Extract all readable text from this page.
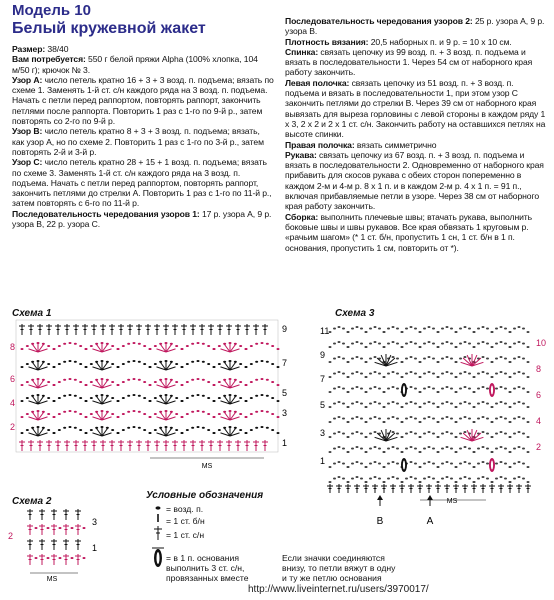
Модель 10
Белый кружевной жакет

Размер: 38/40

Вам потребуется: 550 г белой пряжи Alpha (100% хлопка, 104 м/50 г); крючок № 3.

Узор А: число петель кратно 16 + 3 + 3 возд. п. подъема; вязать по схеме 1. Заменять 1-й ст. с/н каждого ряда на 3 возд. п. подъема. Начать с петли перед раппортом, повторять раппорт, закончить петлями после раппорта. Повторить 1 раз с 1-го по 9-й р., затем повторять со 2-го по 9-й р.

Узор В: число петель кратно 8 + 3 + 3 возд. п. подъема; вязать, как узор А, но по схеме 2. Повторить 1 раз с 1-го по 3-й р., затем повторять 2-й и 3-й р.

Узор С: число петель кратно 28 + 15 + 1 возд. п. подъема; вязать по схеме 3. Заменять 1-й ст. с/н каждого ряда на 3 возд. п. подъема. Начать с петли перед раппортом, повторять раппорт, закончить петлями до стрелки А. Повторить 1 раз с 1-го по 11-й р., затем повторять с 6-го по 11-й р.

Последовательность чередования узоров 1: 17 р. узора А, 9 р. узора В, 22 р. узора С.

Последовательность чередования узоров 2: 25 р. узора А, 9 р. узора В.

Плотность вязания: 20,5 наборных п. и 9 р. = 10 х 10 см.

Спинка: связать цепочку из 99 возд. п. + 3 возд. п. подъема и вязать в последовательности 1. Через 54 см от наборного края работу закончить.

Левая полочка: связать цепочку из 51 возд. п. + 3 возд. п. подъема и вязать в последовательности 1, при этом узор С закончить петлями до стрелки В. Через 39 см от наборного края вывязать для выреза горловины с левой стороны в каждом ряду 1 х 3, 2 х 2 и 2 х 1 ст. с/н. Закончить работу на оставшихся петлях на высоте спинки.

Правая полочка: вязать симметрично

Рукава: связать цепочку из 67 возд. п. + 3 возд. п. подъема и вязать в последовательности 2. Одновременно от наборного края прибавить для скосов рукава с обеих сторон попеременно в каждом 2-м и 4-м р. 8 х 1 п. и в каждом 2-м р. 4 х 1 п. = 91 п., включая прибавляемые петли в узоре. Через 38 см от наборного края работу закончить.

Сборка: выполнить плечевые швы; втачать рукава, выполнить боковые швы и швы рукавов. Все края обвязать 1 круговым р. «рачьим шагом» (* 1 ст. б/н, пропустить 1 сн, 1 ст. б/н в 1 п. основания, пропустить 1 см, повторить от *).

Схема 1
Схема 2
Схема 3
MS
9
7
5
3
1
8
6
4
2
MS
3
1
2
MS
B	A
11
9
7
5
3
1
10
8
6
4
2
Условные обозначения
= возд. п.
= 1 ст. б/н
= 1 ст. с/н
= в 1 п. основания выполнить 3 ст. с/н, провязанных вместе
Если значки соединяются внизу, то петли вяжут в одну и ту же петлю основания
http://www.liveinternet.ru/users/3970017/
